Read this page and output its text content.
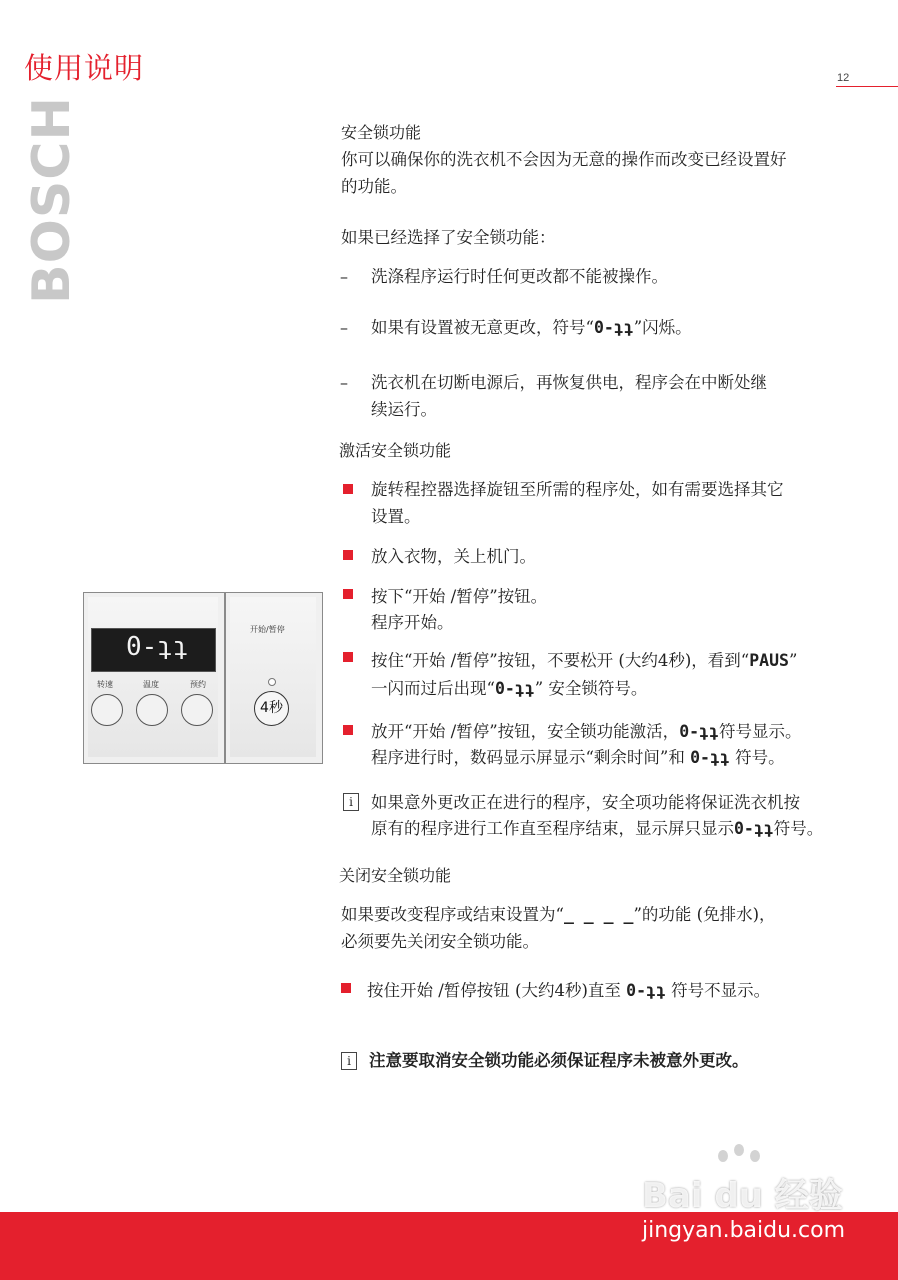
使用说明	12
BOSCH	安全锁功能
你可以确保你的洗衣机不会因为无意的操作而改变已经设置好
的功能。
如果已经选择了安全锁功能：
– 洗涤程序运行时任何更改都不能被操作。
– 如果有设置被无意更改，符号“0-ʇʇ”闪烁。
– 洗衣机在切断电源后，再恢复供电，程序会在中断处继
续运行。
激活安全锁功能
旋转程控器选择旋钮至所需的程序处，如有需要选择其它
设置。
放入衣物，关上机门。
按下“开始 /暂停”按钮。
程序开始。
按住“开始 /暂停”按钮，不要松开 (大约4秒)，看到“PAUS”
一闪而过后出现“0-ʇʇ” 安全锁符号。
放开“开始 /暂停”按钮，安全锁功能激活，0-ʇʇ符号显示。
程序进行时，数码显示屏显示“剩余时间”和 0-ʇʇ 符号。
i	如果意外更改正在进行的程序，安全项功能将保证洗衣机按
原有的程序进行工作直至程序结束，显示屏只显示0-ʇʇ符号。
关闭安全锁功能
如果要改变程序或结束设置为“_ _ _ _”的功能 (免排水)，
必须要先关闭安全锁功能。
按住开始 /暂停按钮 (大约4秒)直至 0-ʇʇ 符号不显示。
i	注意要取消安全锁功能必须保证程序未被意外更改。
0-ʇʇ
转速	温度	预约
开始/暂停
4秒
Bai du 经验
jingyan.baidu.com
